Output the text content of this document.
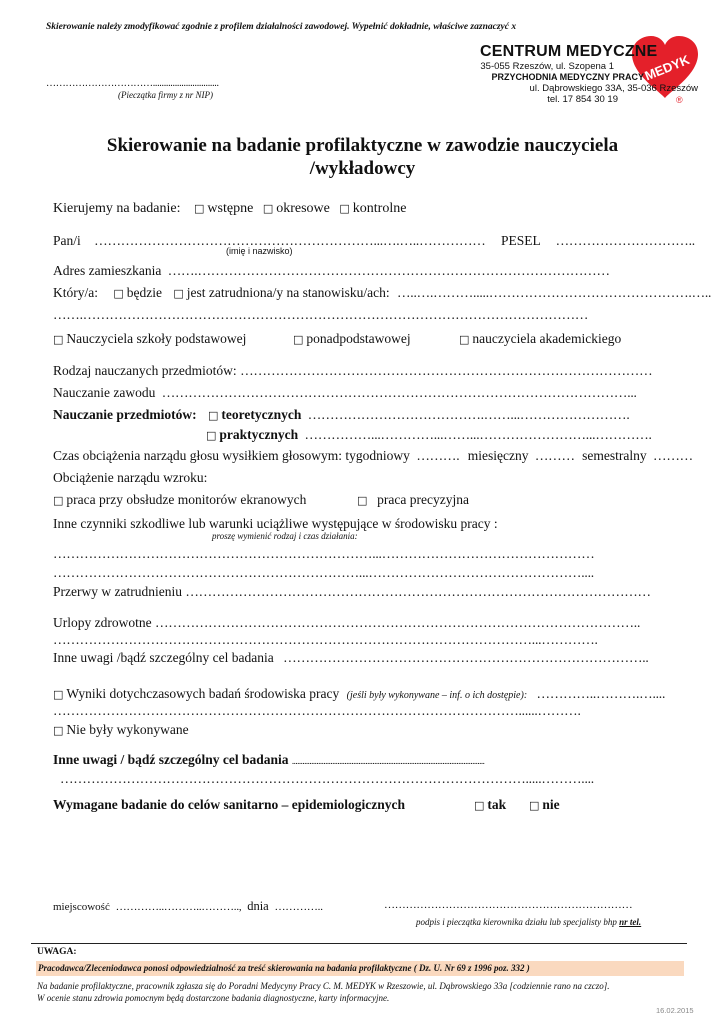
Skierowanie należy zmodyfikować zgodnie z profilem działalności zawodowej. Wypełnić dokładnie, właściwe zaznaczyć x
……………………………..............................
(Pieczątka firmy z nr NIP)
MEDYK
CENTRUM MEDYCZNE
35-055 Rzeszów, ul. Szopena 1
PRZYCHODNIA MEDYCZNY PRACY
ul. Dąbrowskiego 33A, 35-036 Rzeszów
tel. 17 854 30 19	®
Skierowanie na badanie profilaktyczne w zawodzie nauczyciela
/wykładowcy
Kierujemy na badanie: □ wstępne □ okresowe □ kontrolne
Pan/i ………………………………………………………...….…..…………… PESEL …………………………..
(imię i nazwisko)
Adres zamieszkania …….…………………………………………………………………………………
Który/a: □ będzie □ jest zatrudniona/y na stanowisku/ach: …..….……….....……………………………………….…..
…….……………………………………………………………………………………………………
□ Nauczyciela szkoły podstawowej	□ ponadpodstawowej	□ nauczyciela akademickiego
Rodzaj nauczanych przedmiotów: …………………………………………………………………………………
Nauczanie zawodu ……………………………………………………………………………………………...
Nauczanie przedmiotów: □ teoretycznych ………………………………….……...…………………….
□ praktycznych ……………...…………...……...……………………...………….
Czas obciążenia narządu głosu wysiłkiem głosowym: tygodniowy ………. miesięczny ……… semestralny ………
Obciążenie narządu wzroku:
□ praca przy obsłudze monitorów ekranowych	□ praca precyzyjna
Inne czynniki szkodliwe lub warunki uciążliwe występujące w środowisku pracy :
proszę wymienić rodzaj i czas działania:
………………………………………………………………...…………………………………………
……………………………………………………………...…………………………………………....
Przerwy w zatrudnieniu ……………………………………………………………………………………………
Urlopy zdrowotne ………………………………………………………………………………………………..
………………………………………………………………………………………………...………….
Inne uwagi /bądź szczególny cel badania ………………………………………………………………………..
□ Wyniki dotychczasowych badań środowiska pracy (jeśli były wykonywane – inf. o ich dostępie): …………..……….…....
……………………………………………………………………………………………......……….
□ Nie były wykonywane
Inne uwagi / bądź szczególny cel badania ..............................................................................................................
…………………………………………………………………………………………….....………....
Wymagane badanie do celów sanitarno – epidemiologicznych	□ tak □ nie
miejscowość …………..………..……….., dnia …………..	……………………………………………………………
podpis i pieczątka kierownika działu lub specjalisty bhp nr tel.
UWAGA:
Pracodawca/Zleceniodawca ponosi odpowiedzialność za treść skierowania na badania profilaktyczne ( Dz. U. Nr 69 z 1996 poz. 332 )
Na badanie profilaktyczne, pracownik zgłasza się do Poradni Medycyny Pracy C. M. MEDYK w Rzeszowie, ul. Dąbrowskiego 33a [codziennie rano na czczo].
W ocenie stanu zdrowia pomocnym będą dostarczone badania diagnostyczne, karty informacyjne.
16.02.2015
